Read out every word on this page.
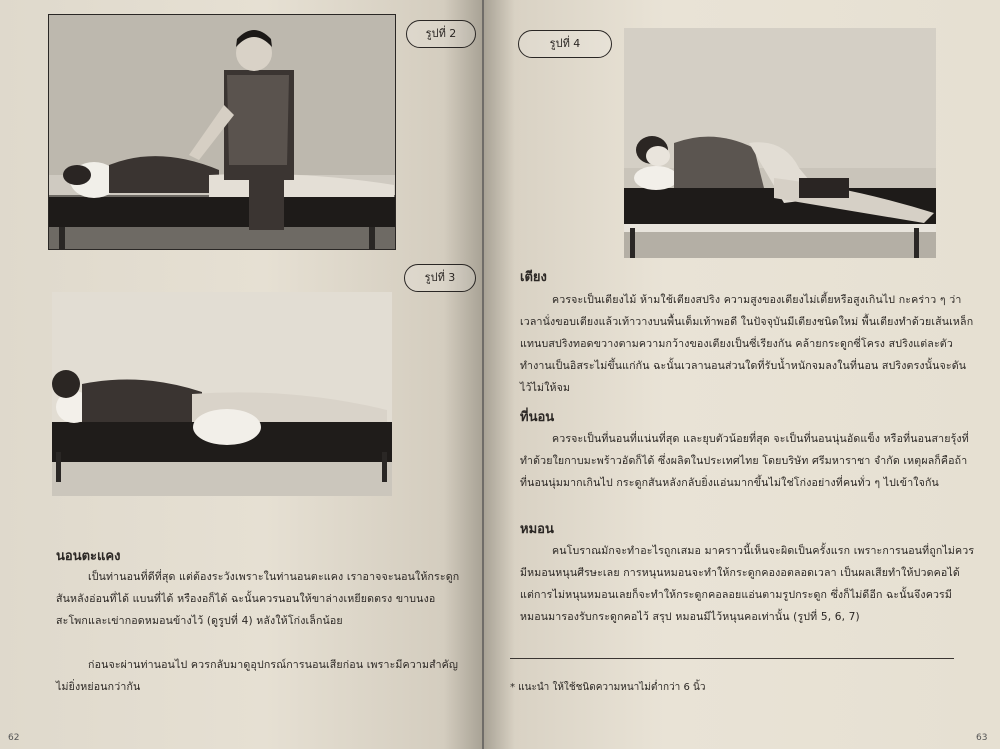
รูปที่ 2
รูปที่ 3
นอนตะแคง

เป็นท่านอนที่ดีที่สุด แต่ต้องระวังเพราะในท่านอนตะแคง เราอาจจะนอนให้กระดูกสันหลังอ่อนที่ได้ แบนที่ได้ หรืองอก็ได้ ฉะนั้นควรนอนให้ขาล่างเหยียดตรง ขาบนงอ สะโพกและเข่ากอดหมอนข้างไว้ (ดูรูปที่ 4) หลังให้โก่งเล็กน้อย

ก่อนจะผ่านท่านอนไป ควรกลับมาดูอุปกรณ์การนอนเสียก่อน เพราะมีความสำคัญไม่ยิ่งหย่อนกว่ากัน

62
รูปที่ 4
เตียง

ควรจะเป็นเตียงไม้ ห้ามใช้เตียงสปริง ความสูงของเตียงไม่เตี้ยหรือสูงเกินไป กะคร่าว ๆ ว่าเวลานั่งขอบเตียงแล้วเท้าวางบนพื้นเต็มเท้าพอดี ในปัจจุบันมีเตียงชนิดใหม่ พื้นเตียงทำด้วยเส้นเหล็กแทนบสปริงทอดขวางตามความกว้างของเตียงเป็นซี่เรียงกัน คล้ายกระดูกซี่โครง สปริงแต่ละตัวทำงานเป็นอิสระไม่ขึ้นแก่กัน ฉะนั้นเวลานอนส่วนใดที่รับน้ำหนักจมลงในที่นอน สปริงตรงนั้นจะดันไว้ไม่ให้จม

ที่นอน

ควรจะเป็นที่นอนที่แน่นที่สุด และยุบตัวน้อยที่สุด จะเป็นที่นอนนุ่นอัดแข็ง หรือที่นอนสายรุ้งที่ทำด้วยใยกาบมะพร้าวอัดก็ได้ ซึ่งผลิตในประเทศไทย โดยบริษัท ศรีมหาราชา จำกัด เหตุผลก็คือถ้าที่นอนนุ่มมากเกินไป กระดูกสันหลังกลับยิ่งแอ่นมากขึ้นไม่ใช่โก่งอย่างที่คนทั่ว ๆ ไปเข้าใจกัน

หมอน

คนโบราณมักจะทำอะไรถูกเสมอ มาคราวนี้เห็นจะผิดเป็นครั้งแรก เพราะการนอนที่ถูกไม่ควรมีหมอนหนุนศีรษะเลย การหนุนหมอนจะทำให้กระดูกคองอตลอดเวลา เป็นผลเสียทำให้ปวดคอได้ แต่การไม่หนุนหมอนเลยก็จะทำให้กระดูกคอลอยแอ่นตามรูปกระดูก ซึ่งก็ไม่ดีอีก ฉะนั้นจึงควรมีหมอนมารองรับกระดูกคอไว้ สรุป หมอนมีไว้หนุนคอเท่านั้น (รูปที่ 5, 6, 7)

* แนะนำ ให้ใช้ชนิดความหนาไม่ต่ำกว่า 6 นิ้ว
63
